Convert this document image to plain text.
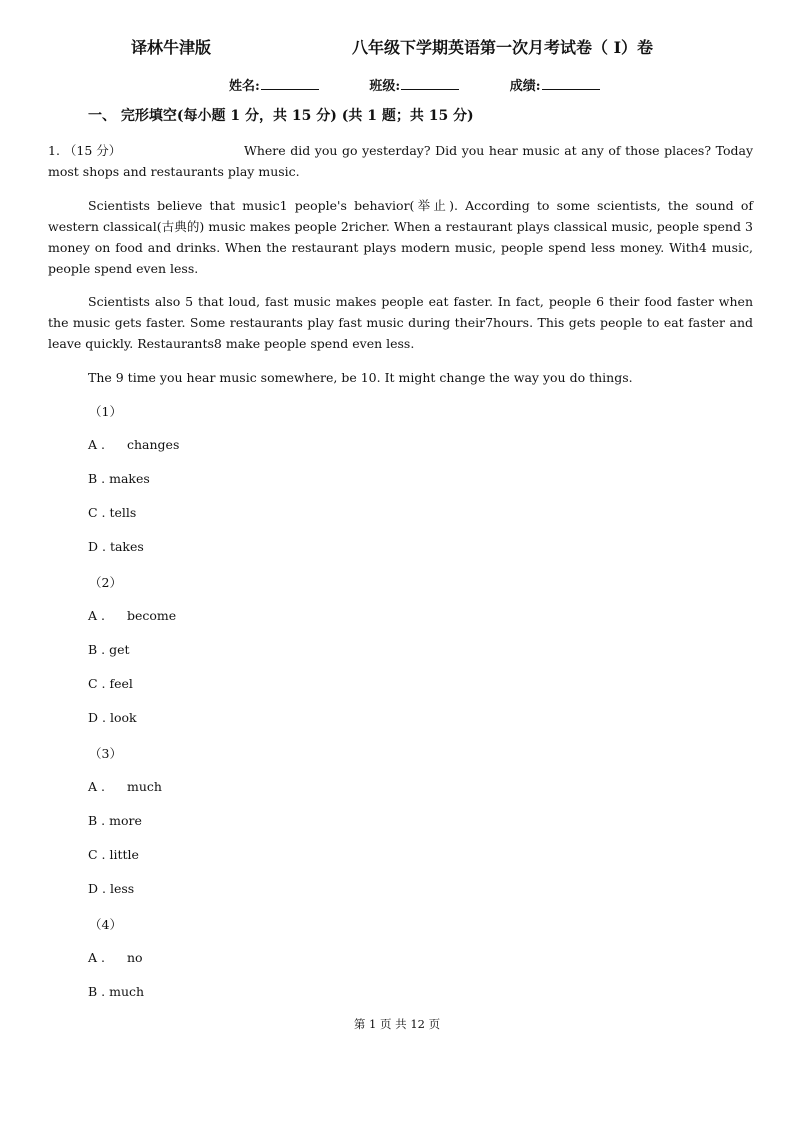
译林牛津版	八年级下学期英语第一次月考试卷（ I）卷
姓名:	班级:	成绩:
一、 完形填空(每小题 1 分，共 15 分) (共 1 题；共 15 分)
1. （15 分）	Where did you go yesterday? Did you hear music at any of those places? Today most shops and restaurants play music.
Scientists believe that music1 people's behavior(举止). According to some scientists, the sound of western classical(古典的) music makes people 2richer. When a restaurant plays classical music, people spend 3 money on food and drinks. When the restaurant plays modern music, people spend less money. With4 music, people spend even less.
Scientists also 5 that loud, fast music makes people eat faster. In fact, people 6 their food faster when the music gets faster. Some restaurants play fast music during their7hours. This gets people to eat faster and leave quickly. Restaurants8 make people spend even less.
The 9 time you hear music somewhere, be 10. It might change the way you do things.
（1）
A . changes
B . makes
C . tells
D . takes
（2）
A . become
B . get
C . feel
D . look
（3）
A . much
B . more
C . little
D . less
（4）
A . no
B . much
第 1 页 共 12 页
